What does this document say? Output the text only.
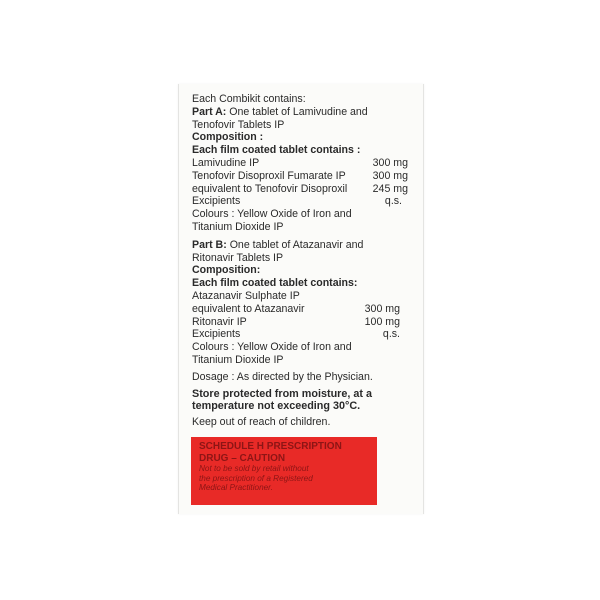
Each Combikit contains:
Part A: One tablet of Lamivudine and
Tenofovir Tablets IP
Composition :
Each film coated tablet contains :
Lamivudine IP	300 mg
Tenofovir Disoproxil Fumarate IP	300 mg
equivalent to Tenofovir Disoproxil 245 mg
Excipients	q.s.
Colours : Yellow Oxide of Iron and
Titanium Dioxide IP
Part B: One tablet of Atazanavir and
Ritonavir Tablets IP
Composition:
Each film coated tablet contains:
Atazanavir Sulphate IP
equivalent to Atazanavir	300 mg
Ritonavir IP	100 mg
Excipients	q.s.
Colours : Yellow Oxide of Iron and
Titanium Dioxide IP
Dosage : As directed by the Physician.
Store protected from moisture, at a
temperature not exceeding 30°C.
Keep out of reach of children.
SCHEDULE H PRESCRIPTION
DRUG – CAUTION
Not to be sold by retail without
the prescription of a Registered
Medical Practitioner.
